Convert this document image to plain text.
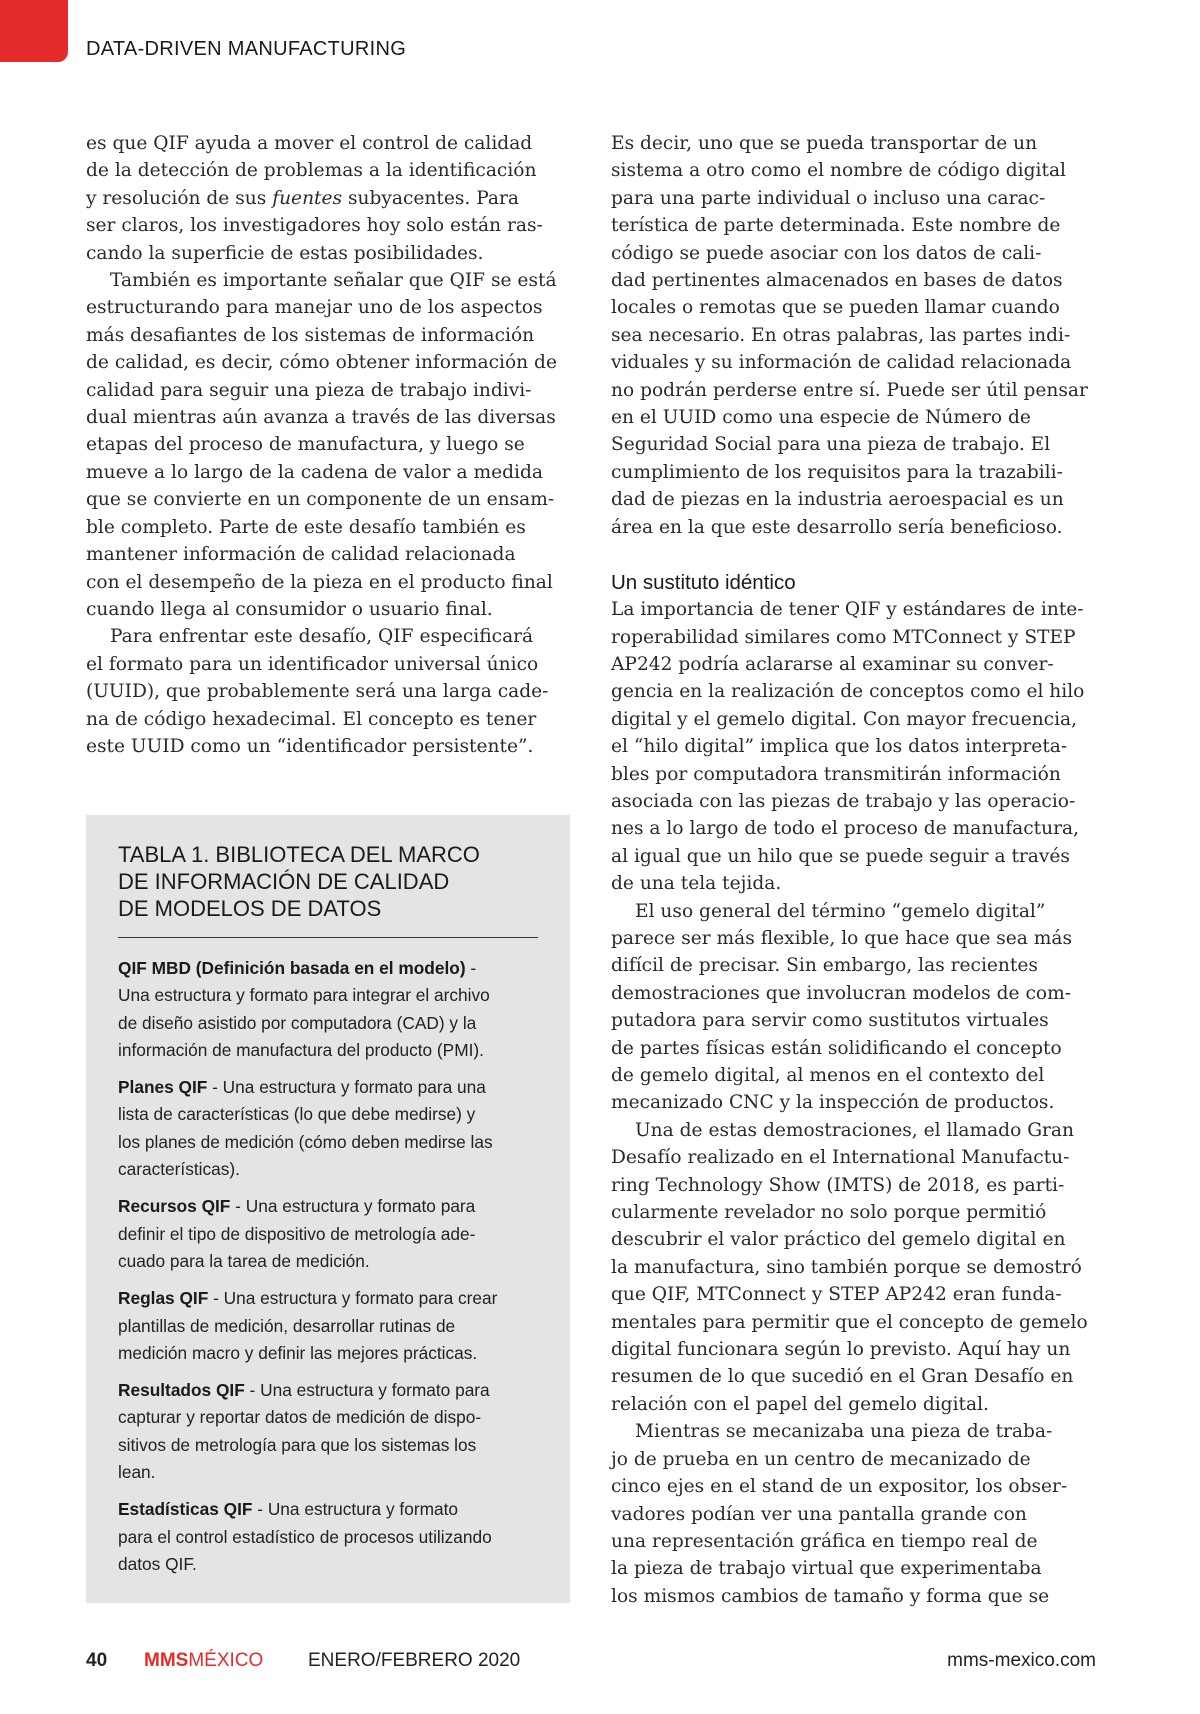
DATA-DRIVEN MANUFACTURING

es que QIF ayuda a mover el control de calidad
de la detección de problemas a la identificación
y resolución de sus fuentes subyacentes. Para
ser claros, los investigadores hoy solo están ras-
cando la superficie de estas posibilidades.

También es importante señalar que QIF se está
estructurando para manejar uno de los aspectos
más desafiantes de los sistemas de información
de calidad, es decir, cómo obtener información de
calidad para seguir una pieza de trabajo indivi-
dual mientras aún avanza a través de las diversas
etapas del proceso de manufactura, y luego se
mueve a lo largo de la cadena de valor a medida
que se convierte en un componente de un ensam-
ble completo. Parte de este desafío también es
mantener información de calidad relacionada
con el desempeño de la pieza en el producto final
cuando llega al consumidor o usuario final.

Para enfrentar este desafío, QIF especificará
el formato para un identificador universal único
(UUID), que probablemente será una larga cade-
na de código hexadecimal. El concepto es tener
este UUID como un “identificador persistente”.

TABLA 1. BIBLIOTECA DEL MARCO
DE INFORMACIÓN DE CALIDAD
DE MODELOS DE DATOS

QIF MBD (Definición basada en el modelo) -
Una estructura y formato para integrar el archivo
de diseño asistido por computadora (CAD) y la
información de manufactura del producto (PMI).

Planes QIF - Una estructura y formato para una
lista de características (lo que debe medirse) y
los planes de medición (cómo deben medirse las
características).

Recursos QIF - Una estructura y formato para
definir el tipo de dispositivo de metrología ade-
cuado para la tarea de medición.

Reglas QIF - Una estructura y formato para crear
plantillas de medición, desarrollar rutinas de
medición macro y definir las mejores prácticas.

Resultados QIF - Una estructura y formato para
capturar y reportar datos de medición de dispo-
sitivos de metrología para que los sistemas los
lean.

Estadísticas QIF - Una estructura y formato
para el control estadístico de procesos utilizando
datos QIF.

Es decir, uno que se pueda transportar de un
sistema a otro como el nombre de código digital
para una parte individual o incluso una carac-
terística de parte determinada. Este nombre de
código se puede asociar con los datos de cali-
dad pertinentes almacenados en bases de datos
locales o remotas que se pueden llamar cuando
sea necesario. En otras palabras, las partes indi-
viduales y su información de calidad relacionada
no podrán perderse entre sí. Puede ser útil pensar
en el UUID como una especie de Número de
Seguridad Social para una pieza de trabajo. El
cumplimiento de los requisitos para la trazabili-
dad de piezas en la industria aeroespacial es un
área en la que este desarrollo sería beneficioso.

Un sustituto idéntico

La importancia de tener QIF y estándares de inte-
roperabilidad similares como MTConnect y STEP
AP242 podría aclararse al examinar su conver-
gencia en la realización de conceptos como el hilo
digital y el gemelo digital. Con mayor frecuencia,
el “hilo digital” implica que los datos interpreta-
bles por computadora transmitirán información
asociada con las piezas de trabajo y las operacio-
nes a lo largo de todo el proceso de manufactura,
al igual que un hilo que se puede seguir a través
de una tela tejida.

El uso general del término “gemelo digital”
parece ser más flexible, lo que hace que sea más
difícil de precisar. Sin embargo, las recientes
demostraciones que involucran modelos de com-
putadora para servir como sustitutos virtuales
de partes físicas están solidificando el concepto
de gemelo digital, al menos en el contexto del
mecanizado CNC y la inspección de productos.

Una de estas demostraciones, el llamado Gran
Desafío realizado en el International Manufactu-
ring Technology Show (IMTS) de 2018, es parti-
cularmente revelador no solo porque permitió
descubrir el valor práctico del gemelo digital en
la manufactura, sino también porque se demostró
que QIF, MTConnect y STEP AP242 eran funda-
mentales para permitir que el concepto de gemelo
digital funcionara según lo previsto. Aquí hay un
resumen de lo que sucedió en el Gran Desafío en
relación con el papel del gemelo digital.

Mientras se mecanizaba una pieza de traba-
jo de prueba en un centro de mecanizado de
cinco ejes en el stand de un expositor, los obser-
vadores podían ver una pantalla grande con
una representación gráfica en tiempo real de
la pieza de trabajo virtual que experimentaba
los mismos cambios de tamaño y forma que se

40 MMS MÉXICO ENERO/FEBRERO 2020	mms-mexico.com
